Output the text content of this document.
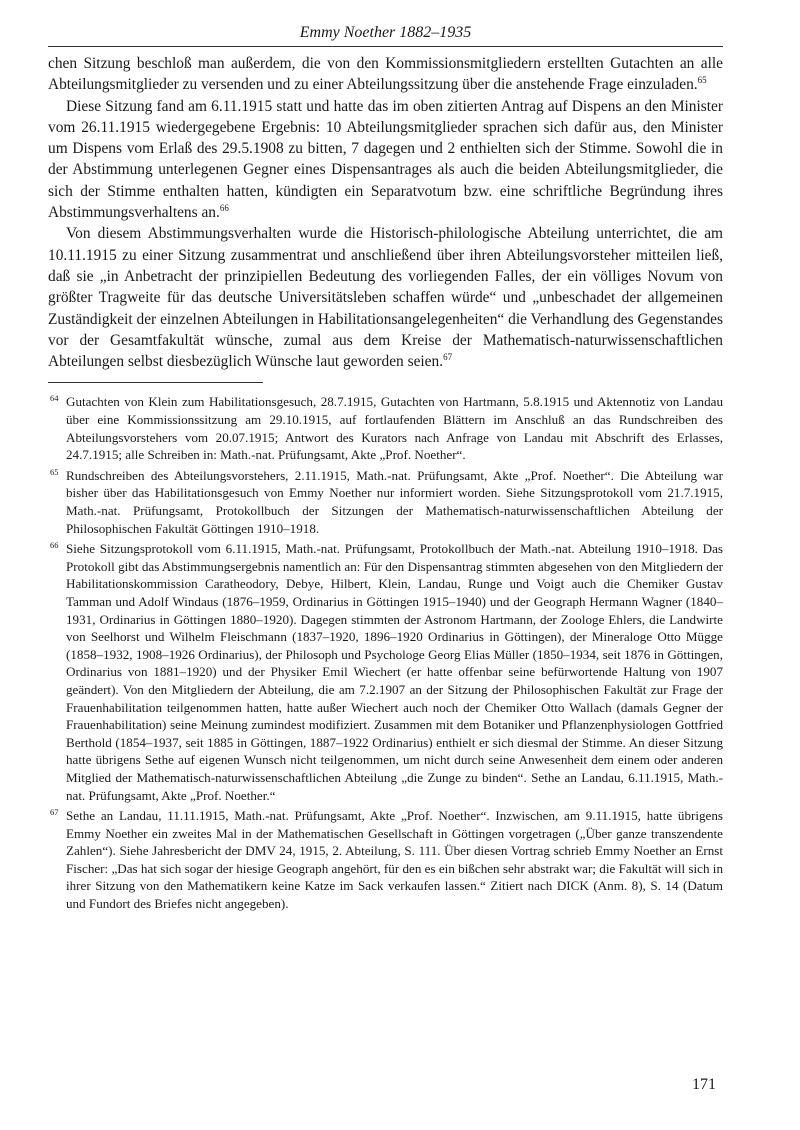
Emmy Noether 1882–1935

chen Sitzung beschloß man außerdem, die von den Kommissionsmitgliedern erstellten Gutachten an alle Abteilungsmitglieder zu versenden und zu einer Abteilungssitzung über die anstehende Frage einzuladen.$^{65}$

Diese Sitzung fand am 6.11.1915 statt und hatte das im oben zitierten Antrag auf Dispens an den Minister vom 26.11.1915 wiedergegebene Ergebnis: 10 Abteilungsmitglieder sprachen sich dafür aus, den Minister um Dispens vom Erlaß des 29.5.1908 zu bitten, 7 dagegen und 2 enthielten sich der Stimme. Sowohl die in der Abstimmung unterlegenen Gegner eines Dispensantrages als auch die beiden Abteilungsmitglieder, die sich der Stimme enthalten hatten, kündigten ein Separatvotum bzw. eine schriftliche Begründung ihres Abstimmungsverhaltens an.$^{66}$

Von diesem Abstimmungsverhalten wurde die Historisch-philologische Abteilung unterrichtet, die am 10.11.1915 zu einer Sitzung zusammentrat und anschließend über ihren Abteilungsvorsteher mitteilen ließ, daß sie „in Anbetracht der prinzipiellen Bedeutung des vorliegenden Falles, der ein völliges Novum von größter Tragweite für das deutsche Universitätsleben schaffen würde“ und „unbeschadet der allgemeinen Zuständigkeit der einzelnen Abteilungen in Habilitationsangelegenheiten“ die Verhandlung des Gegenstandes vor der Gesamtfakultät wünsche, zumal aus dem Kreise der Mathematisch-naturwissenschaftlichen Abteilungen selbst diesbezüglich Wünsche laut geworden seien.$^{67}$

64 Gutachten von Klein zum Habilitationsgesuch, 28.7.1915, Gutachten von Hartmann, 5.8.1915 und Aktennotiz von Landau über eine Kommissionssitzung am 29.10.1915, auf fortlaufenden Blättern im Anschluß an das Rundschreiben des Abteilungsvorstehers vom 20.07.1915; Antwort des Kurators nach Anfrage von Landau mit Abschrift des Erlasses, 24.7.1915; alle Schreiben in: Math.-nat. Prüfungsamt, Akte „Prof. Noether“.
65 Rundschreiben des Abteilungsvorstehers, 2.11.1915, Math.-nat. Prüfungsamt, Akte „Prof. Noether“. Die Abteilung war bisher über das Habilitationsgesuch von Emmy Noether nur informiert worden. Siehe Sitzungsprotokoll vom 21.7.1915, Math.-nat. Prüfungsamt, Protokollbuch der Sitzungen der Mathematisch-naturwissenschaftlichen Abteilung der Philosophischen Fakultät Göttingen 1910–1918.
66 Siehe Sitzungsprotokoll vom 6.11.1915, Math.-nat. Prüfungsamt, Protokollbuch der Math.-nat. Abteilung 1910–1918. Das Protokoll gibt das Abstimmungsergebnis namentlich an: Für den Dispensantrag stimmten abgesehen von den Mitgliedern der Habilitationskommission Caratheodory, Debye, Hilbert, Klein, Landau, Runge und Voigt auch die Chemiker Gustav Tamman und Adolf Windaus (1876–1959, Ordinarius in Göttingen 1915–1940) und der Geograph Hermann Wagner (1840–1931, Ordinarius in Göttingen 1880–1920). Dagegen stimmten der Astronom Hartmann, der Zoologe Ehlers, die Landwirte von Seelhorst und Wilhelm Fleischmann (1837–1920, 1896–1920 Ordinarius in Göttingen), der Mineraloge Otto Mügge (1858–1932, 1908–1926 Ordinarius), der Philosoph und Psychologe Georg Elias Müller (1850–1934, seit 1876 in Göttingen, Ordinarius von 1881–1920) und der Physiker Emil Wiechert (er hatte offenbar seine befürwortende Haltung von 1907 geändert). Von den Mitgliedern der Abteilung, die am 7.2.1907 an der Sitzung der Philosophischen Fakultät zur Frage der Frauenhabilitation teilgenommen hatten, hatte außer Wiechert auch noch der Chemiker Otto Wallach (damals Gegner der Frauenhabilitation) seine Meinung zumindest modifiziert. Zusammen mit dem Botaniker und Pflanzenphysiologen Gottfried Berthold (1854–1937, seit 1885 in Göttingen, 1887–1922 Ordinarius) enthielt er sich diesmal der Stimme. An dieser Sitzung hatte übrigens Sethe auf eigenen Wunsch nicht teilgenommen, um nicht durch seine Anwesenheit dem einem oder anderen Mitglied der Mathematisch-naturwissenschaftlichen Abteilung „die Zunge zu binden“. Sethe an Landau, 6.11.1915, Math.-nat. Prüfungsamt, Akte „Prof. Noether.“
67 Sethe an Landau, 11.11.1915, Math.-nat. Prüfungsamt, Akte „Prof. Noether“. Inzwischen, am 9.11.1915, hatte übrigens Emmy Noether ein zweites Mal in der Mathematischen Gesellschaft in Göttingen vorgetragen („Über ganze transzendente Zahlen“). Siehe Jahresbericht der DMV 24, 1915, 2. Abteilung, S. 111. Über diesen Vortrag schrieb Emmy Noether an Ernst Fischer: „Das hat sich sogar der hiesige Geograph angehört, für den es ein bißchen sehr abstrakt war; die Fakultät will sich in ihrer Sitzung von den Mathematikern keine Katze im Sack verkaufen lassen.“ Zitiert nach DICK (Anm. 8), S. 14 (Datum und Fundort des Briefes nicht angegeben).
171
